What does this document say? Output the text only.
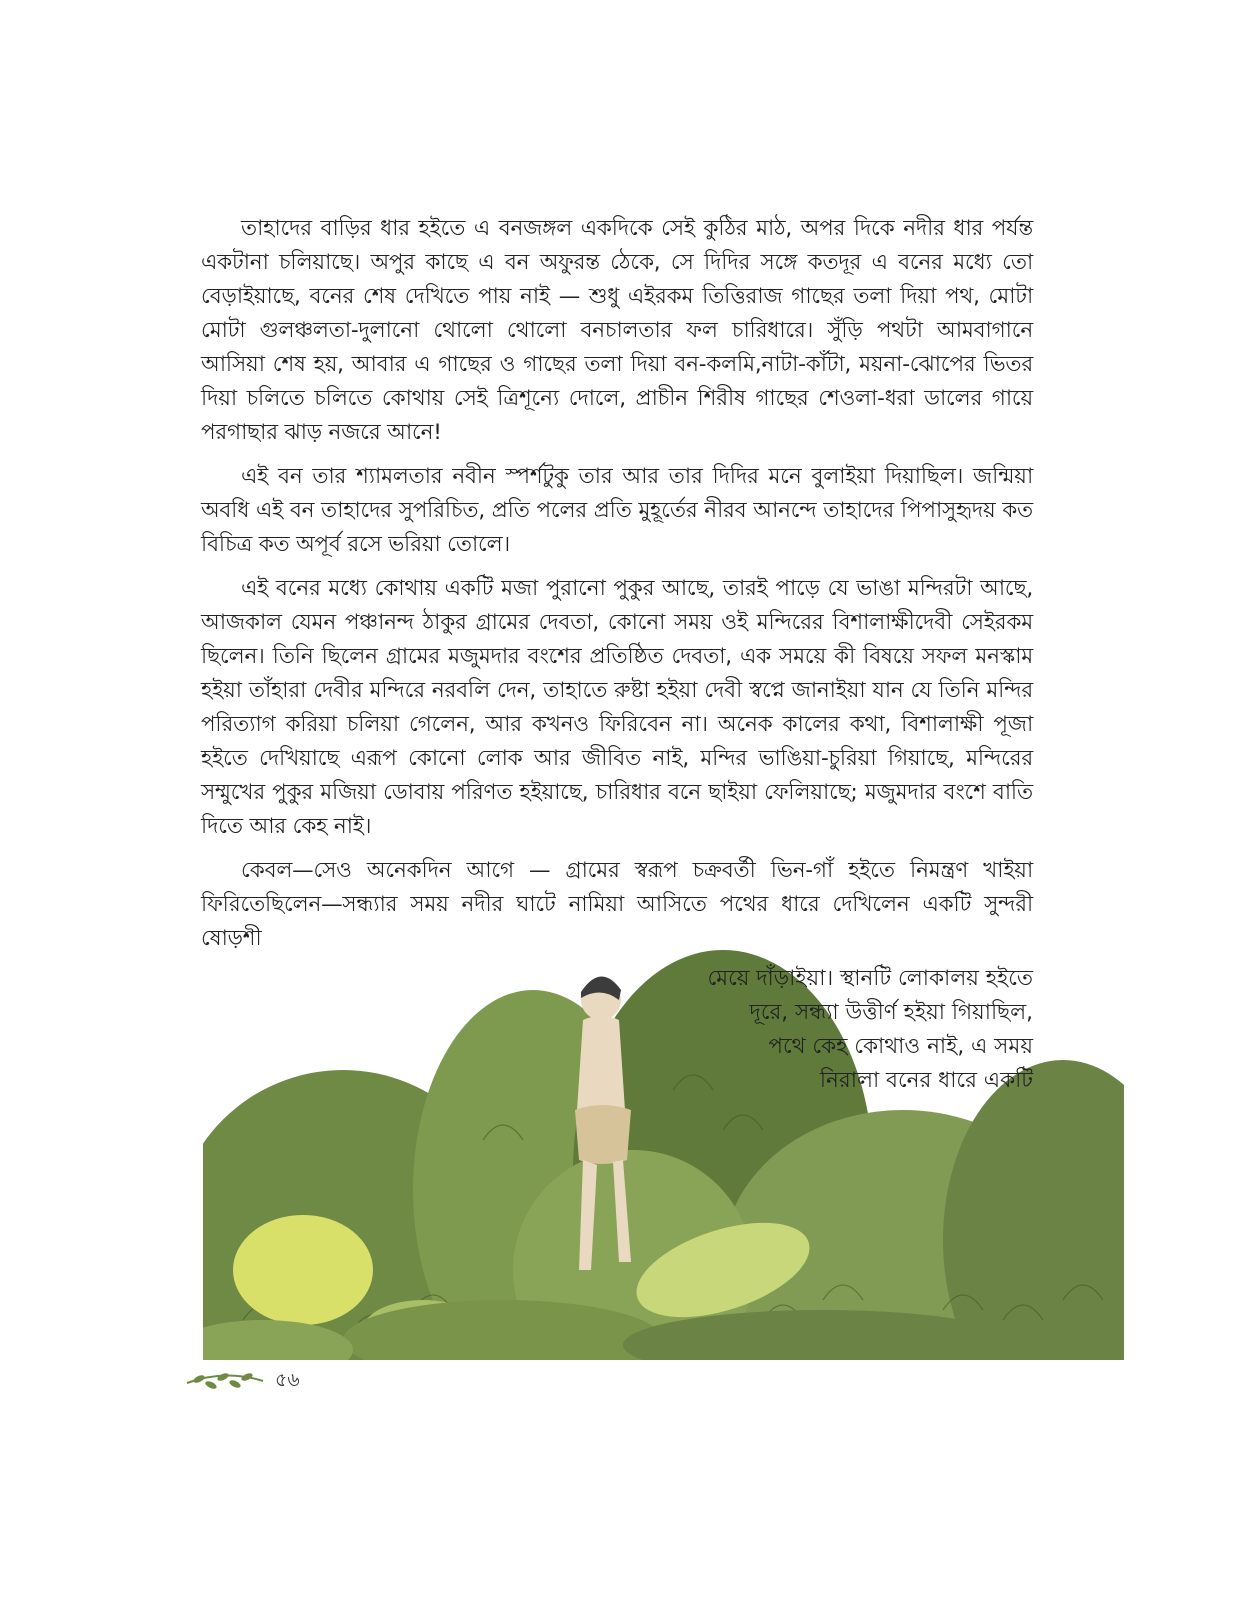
তাহাদের বাড়ির ধার হইতে এ বনজঙ্গল একদিকে সেই কুঠির মাঠ, অপর দিকে নদীর ধার পর্যন্ত একটানা চলিয়াছে। অপুর কাছে এ বন অফুরন্ত ঠেকে, সে দিদির সঙ্গে কতদূর এ বনের মধ্যে তো বেড়াইয়াছে, বনের শেষ দেখিতে পায় নাই — শুধু এইরকম তিত্তিরাজ গাছের তলা দিয়া পথ, মোটা মোটা গুলঞ্চলতা-দুলানো থোলো থোলো বনচালতার ফল চারিধারে। সুঁড়ি পথটা আমবাগানে আসিয়া শেষ হয়, আবার এ গাছের ও গাছের তলা দিয়া বন-কলমি,নাটা-কাঁটা, ময়না-ঝোপের ভিতর দিয়া চলিতে চলিতে কোথায় সেই ত্রিশূন্যে দোলে, প্রাচীন শিরীষ গাছের শেওলা-ধরা ডালের গায়ে পরগাছার ঝাড় নজরে আনে!

এই বন তার শ্যামলতার নবীন স্পর্শটুকু তার আর তার দিদির মনে বুলাইয়া দিয়াছিল। জন্মিয়া অবধি এই বন তাহাদের সুপরিচিত, প্রতি পলের প্রতি মুহূর্তের নীরব আনন্দে তাহাদের পিপাসুহৃদয় কত বিচিত্র কত অপূর্ব রসে ভরিয়া তোলে।

এই বনের মধ্যে কোথায় একটি মজা পুরানো পুকুর আছে, তারই পাড়ে যে ভাঙা মন্দিরটা আছে, আজকাল যেমন পঞ্চানন্দ ঠাকুর গ্রামের দেবতা, কোনো সময় ওই মন্দিরের বিশালাক্ষীদেবী সেইরকম ছিলেন। তিনি ছিলেন গ্রামের মজুমদার বংশের প্রতিষ্ঠিত দেবতা, এক সময়ে কী বিষয়ে সফল মনস্কাম হইয়া তাঁহারা দেবীর মন্দিরে নরবলি দেন, তাহাতে রুষ্টা হইয়া দেবী স্বপ্নে জানাইয়া যান যে তিনি মন্দির পরিত্যাগ করিয়া চলিয়া গেলেন, আর কখনও ফিরিবেন না। অনেক কালের কথা, বিশালাক্ষী পূজা হইতে দেখিয়াছে এরূপ কোনো লোক আর জীবিত নাই, মন্দির ভাঙিয়া-চুরিয়া গিয়াছে, মন্দিরের সম্মুখের পুকুর মজিয়া ডোবায় পরিণত হইয়াছে, চারিধার বনে ছাইয়া ফেলিয়াছে; মজুমদার বংশে বাতি দিতে আর কেহ নাই।

কেবল—সেও অনেকদিন আগে — গ্রামের স্বরূপ চক্রবর্তী ভিন-গাঁ হইতে নিমন্ত্রণ খাইয়া ফিরিতেছিলেন—সন্ধ্যার সময় নদীর ঘাটে নামিয়া আসিতে পথের ধারে দেখিলেন একটি সুন্দরী ষোড়শী

মেয়ে দাঁড়াইয়া। স্থানটি লোকালয় হইতে
দূরে, সন্ধ্যা উত্তীর্ণ হইয়া গিয়াছিল,
পথে কেহ কোথাও নাই, এ সময়
নিরালা বনের ধারে একটি
৫৬
